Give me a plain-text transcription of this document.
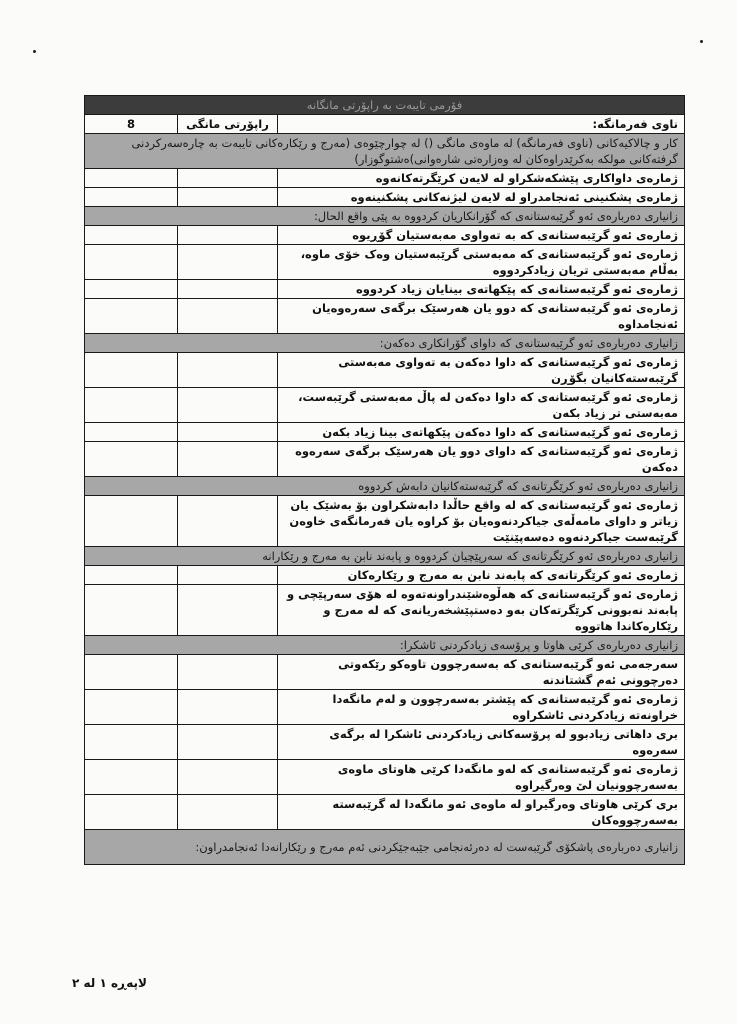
فۆرمی تایبەت بە راپۆرتی مانگانە		
8	راپۆرتی مانگی	ناوی فەرمانگە:
کار و چالاکیەکانی (ناوی فەرمانگە) لە ماوەی مانگی () لە چوارچێوەی (مەرج و رێکارەکانی تایبەت بە چارەسەرکردنی گرفتەکانی مولکە بەکرێدراوەکان لە وەزارەتی شارەوانی)ەشتوگوزار)		
		ژمارەی داواکاری پێشکەشکراو لە لایەن کرێگرتەکانەوە
		ژمارەی پشکنینی ئەنجامدراو لە لایەن لیژنەکانی پشکنینەوە
زانیاری دەربارەی ئەو گرێبەستانەی کە گۆرانکاریان کردووە بە پێی واقع الحال:		
		ژمارەی ئەو گرێبەستانەی کە بە تەواوی مەبەستیان گۆڕیوە
		ژمارەی ئەو گرێبەستانەی کە مەبەستی گرێبەستیان وەک خۆی ماوە، بەڵام مەبەستی تریان زیادکردووە
		ژمارەی ئەو گرێبەستانەی کە پێکهاتەی بینایان زیاد کردووە
		ژمارەی ئەو گرێبەستانەی کە دوو یان هەرسێک برگەی سەرەوەیان ئەنجامداوە
زانیاری دەربارەی ئەو گرێبەستانەی کە داوای گۆرانکاری دەکەن:		
		ژمارەی ئەو گرێبەستانەی کە داوا دەکەن بە تەواوی مەبەستی گرێبەستەکانیان بگۆڕن
		ژمارەی ئەو گرێبەستانەی کە داوا دەکەن لە پاڵ مەبەستی گرێبەست، مەبەستی تر زیاد بکەن
		ژمارەی ئەو گرێبەستانەی کە داوا دەکەن پێکهاتەی بینا زیاد بکەن
		ژمارەی ئەو گرێبەستانەی کە داوای دوو یان هەرسێک برگەی سەرەوە دەکەن
زانیاری دەربارەی ئەو کرێگرتانەی کە گرێبەستەکانیان دابەش کردووە		
		ژمارەی ئەو گرێبەستانەی کە لە واقع حاڵدا دابەشکراون بۆ بەشێک یان زیاتر و داوای مامەڵەی جیاکردنەوەیان بۆ کراوە یان فەرمانگەی خاوەن گرێبەست جیاکردنەوە دەسەپێنێت
زانیاری دەربارەی ئەو کرێگرتانەی کە سەرپێچیان کردووە و پابەند نابن بە مەرج و رێکارانە		
		ژمارەی ئەو کرێگرتانەی کە پابەند نابن بە مەرج و رێکارەکان
		ژمارەی ئەو گرێبەستانەی کە هەڵوەشێندراونەتەوە لە هۆی سەرپێچی و پابەند نەبوونی کرێگرتەکان بەو دەستپێشخەریانەی کە لە مەرج و رێکارەکاندا هاتووە
زانیاری دەربارەی کرێی هاوتا و پرۆسەی زیادکردنی ئاشکرا:		
		سەرجەمی ئەو گرێبەستانەی کە بەسەرچوون تاوەکو رێکەوتی دەرچوونی ئەم گشتاندنە
		ژمارەی ئەو گرێبەستانەی کە پێشتر بەسەرچوون و لەم مانگەدا خراونەتە زیادکردنی ئاشکراوە
		بری داهاتی زیادبوو لە پرۆسەکانی زیادکردنی ئاشکرا لە برگەی سەرەوە
		ژمارەی ئەو گرێبەستانەی کە لەو مانگەدا کرێی هاوتای ماوەی بەسەرچوونیان لێ وەرگیراوە
		بری کرێی هاوتای وەرگیراو لە ماوەی ئەو مانگەدا لە گرێبەستە بەسەرچووەکان
زانیاری دەربارەی پاشکۆی گرێبەست لە دەرئەنجامی جێبەجێکردنی ئەم مەرج و رێکارانەدا ئەنجامدراون:		
لاپەڕە ١ لە ٢
